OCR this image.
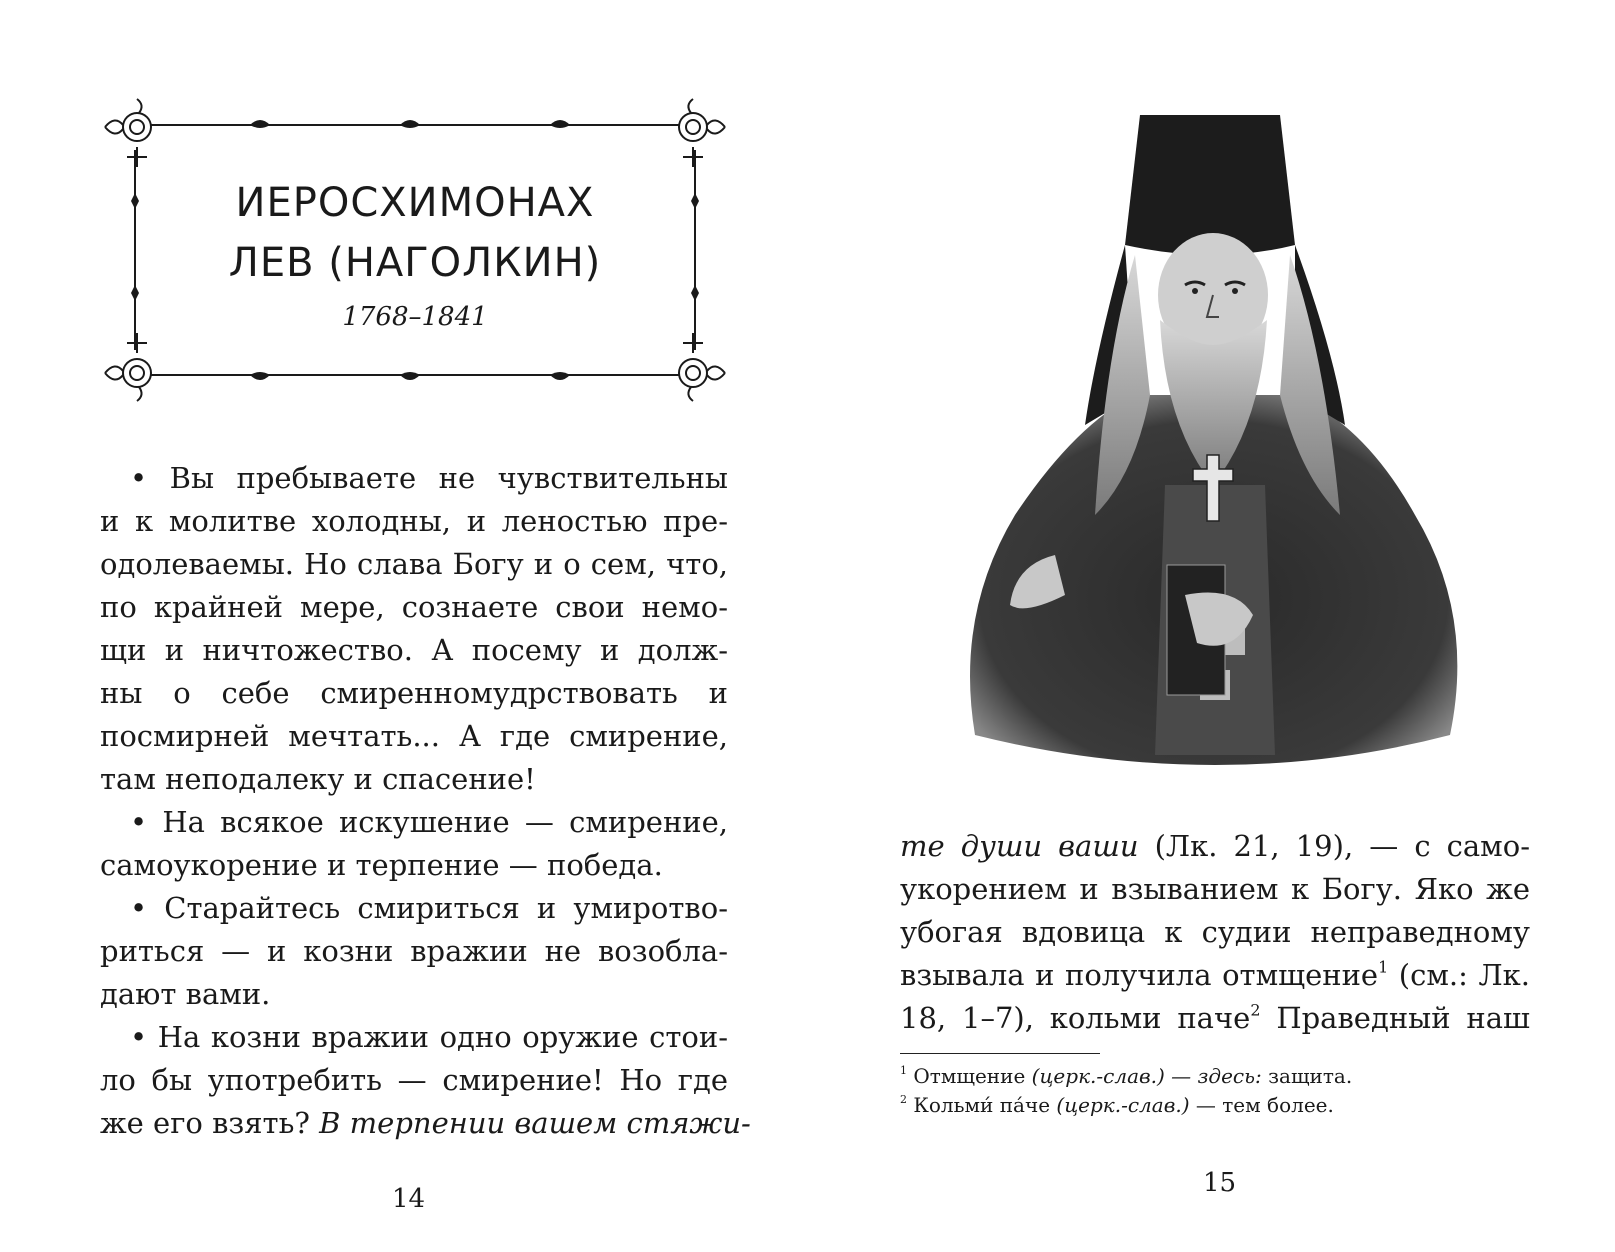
ИЕРОСХИМОНАХ
ЛЕВ (НАГОЛКИН)
1768–1841
• Вы пребываете не чувствительны
и к молитве холодны, и леностью пре-
одолеваемы. Но слава Богу и о сем, что,
по крайней мере, сознаете свои немо-
щи и ничтожество. А посему и долж-
ны о себе смиренномудрствовать и
посмирней мечтать... А где смирение,
там неподалеку и спасение!
• На всякое искушение — смирение,
самоукорение и терпение — победа.
• Старайтесь смириться и умиротво-
риться — и козни вражии не возобла-
дают вами.
• На козни вражии одно оружие стои-
ло бы употребить — смирение! Но где
же его взять? В терпении вашем стяжи-
14
те души ваши (Лк. 21, 19), — с само-
укорением и взыванием к Богу. Яко же
убогая вдовица к судии неправедному
взывала и получила отмщение$^1$ (см.: Лк.
18, 1–7), кольми паче$^2$ Праведный наш
$^1$ Отмщение (церк.-слав.) — здесь: защита.
$^2$ Кольми́ па́че (церк.-слав.) — тем более.
15
